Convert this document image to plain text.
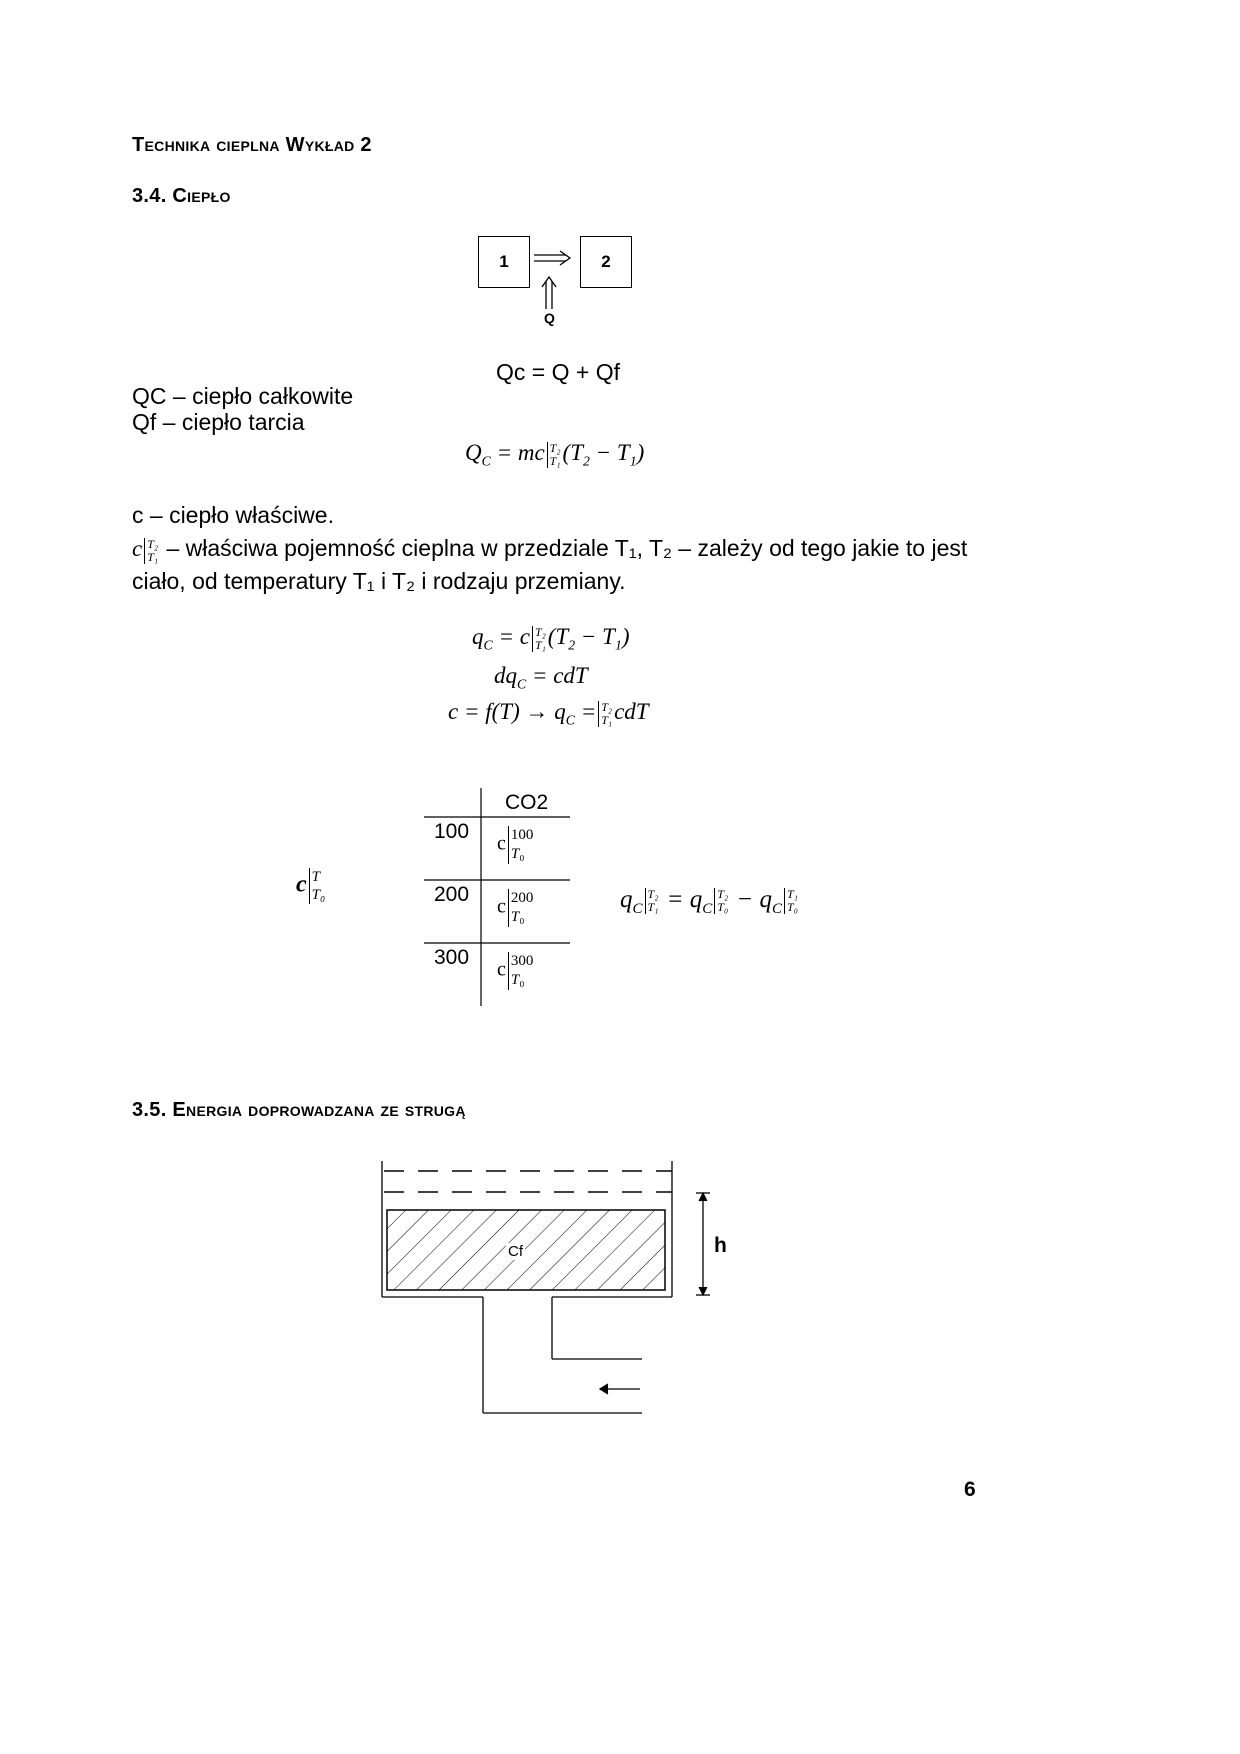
Technika cieplna Wykład 2
3.4. Ciepło
1	2
Q
Qc = Q + Qf
QC – ciepło całkowite
Qf – ciepło tarcia
$Q_C$ = mc T₂
T₁ $(T_2 - T_1)$
c – ciepło właściwe.
c T₂
T₁ – właściwa pojemność cieplna w przedziale T₁, T₂ – zależy od tego jakie to jest
ciało, od temperatury T₁ i T₂ i rodzaju przemiany.
$q_C = c$ T₂
T₁ $(T_2 - T_1)$
$dq_C$ = cdT
$c = f(T) \to q_C = T_2$
T₁ cdT
c T
T₀
CO2
100
c 100
T₀
200
c 200
T₀
300
c 300
T₀
$q_C$
T₂
$T_1 = q_C$
T₂
$T_0 - q_C$
T₁
T₀
3.5. Energia doprowadzana ze strugą
Cf	h
6
